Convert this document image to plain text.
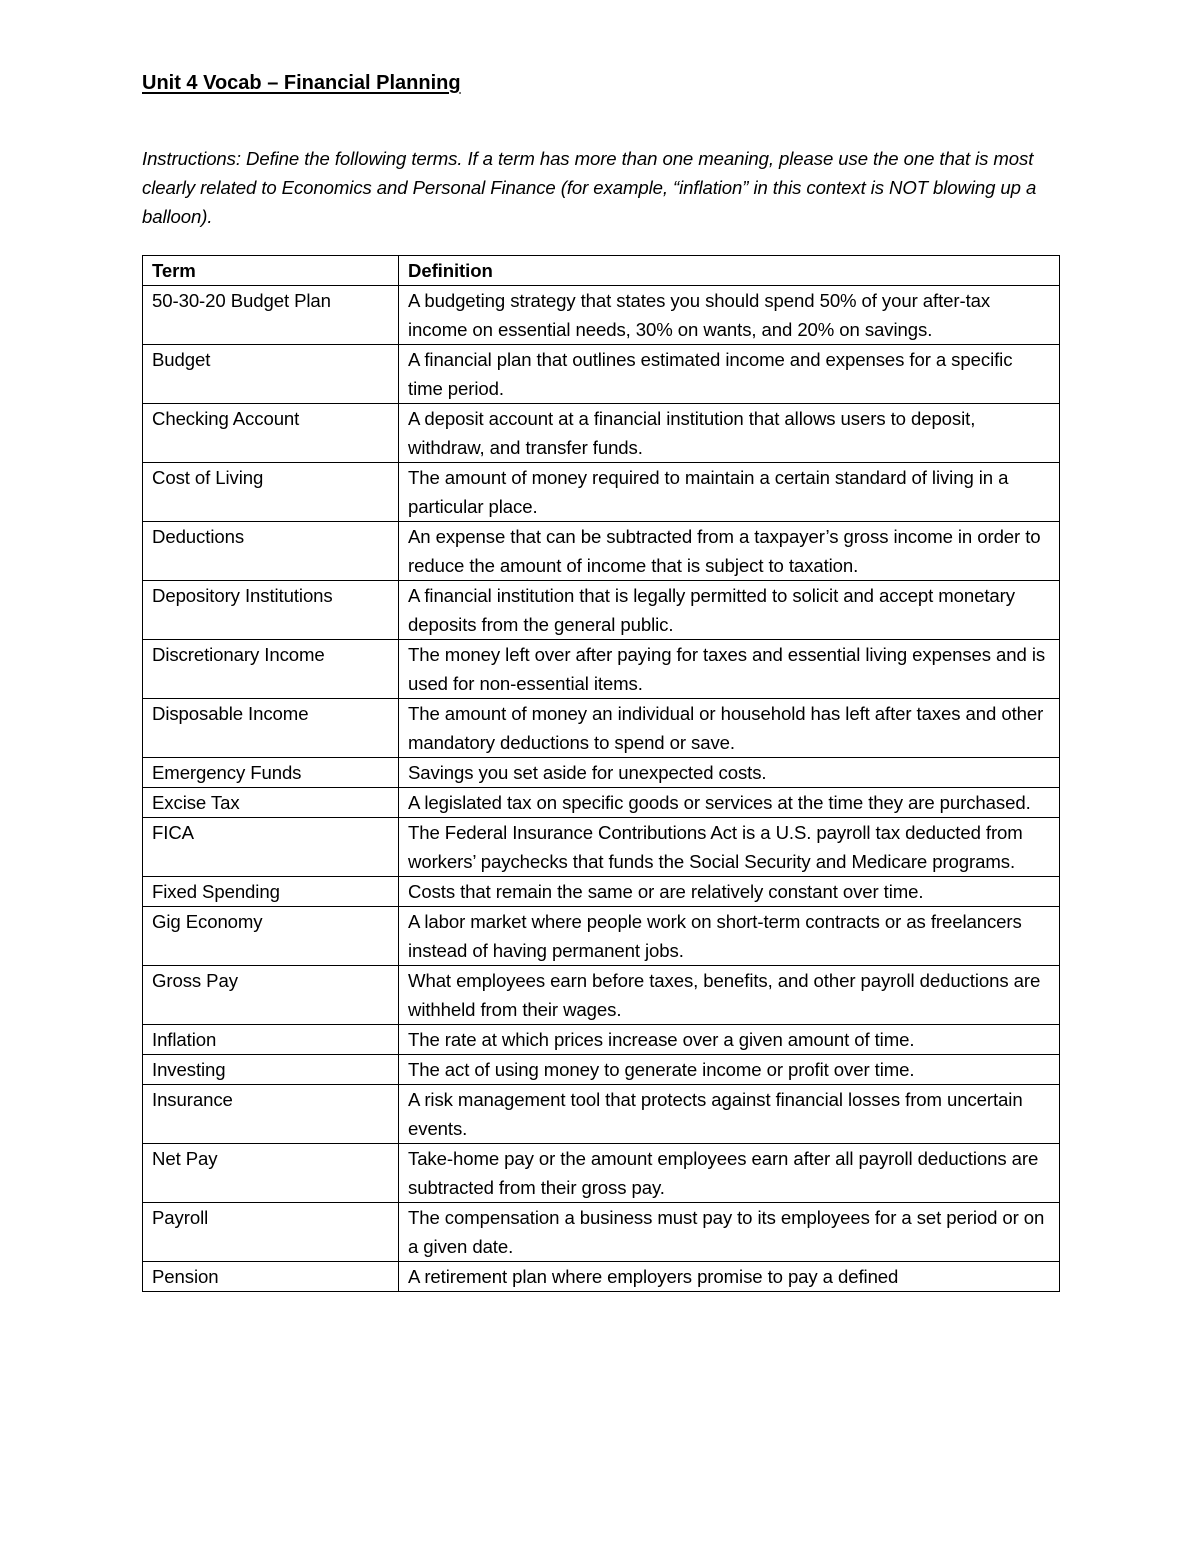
Unit 4 Vocab – Financial Planning
Instructions: Define the following terms. If a term has more than one meaning, please use the one that is most clearly related to Economics and Personal Finance (for example, “inflation” in this context is NOT blowing up a balloon).
Term	Definition
50-30-20 Budget Plan	A budgeting strategy that states you should spend 50% of your after-tax income on essential needs, 30% on wants, and 20% on savings.
Budget	A financial plan that outlines estimated income and expenses for a specific time period.
Checking Account	A deposit account at a financial institution that allows users to deposit, withdraw, and transfer funds.
Cost of Living	The amount of money required to maintain a certain standard of living in a particular place.
Deductions	An expense that can be subtracted from a taxpayer’s gross income in order to reduce the amount of income that is subject to taxation.
Depository Institutions	A financial institution that is legally permitted to solicit and accept monetary deposits from the general public.
Discretionary Income	The money left over after paying for taxes and essential living expenses and is used for non-essential items.
Disposable Income	The amount of money an individual or household has left after taxes and other mandatory deductions to spend or save.
Emergency Funds	Savings you set aside for unexpected costs.
Excise Tax	A legislated tax on specific goods or services at the time they are purchased.
FICA	The Federal Insurance Contributions Act is a U.S. payroll tax deducted from workers’ paychecks that funds the Social Security and Medicare programs.
Fixed Spending	Costs that remain the same or are relatively constant over time.
Gig Economy	A labor market where people work on short-term contracts or as freelancers instead of having permanent jobs.
Gross Pay	What employees earn before taxes, benefits, and other payroll deductions are withheld from their wages.
Inflation	The rate at which prices increase over a given amount of time.
Investing	The act of using money to generate income or profit over time.
Insurance	A risk management tool that protects against financial losses from uncertain events.
Net Pay	Take-home pay or the amount employees earn after all payroll deductions are subtracted from their gross pay.
Payroll	The compensation a business must pay to its employees for a set period or on a given date.
Pension	A retirement plan where employers promise to pay a defined
